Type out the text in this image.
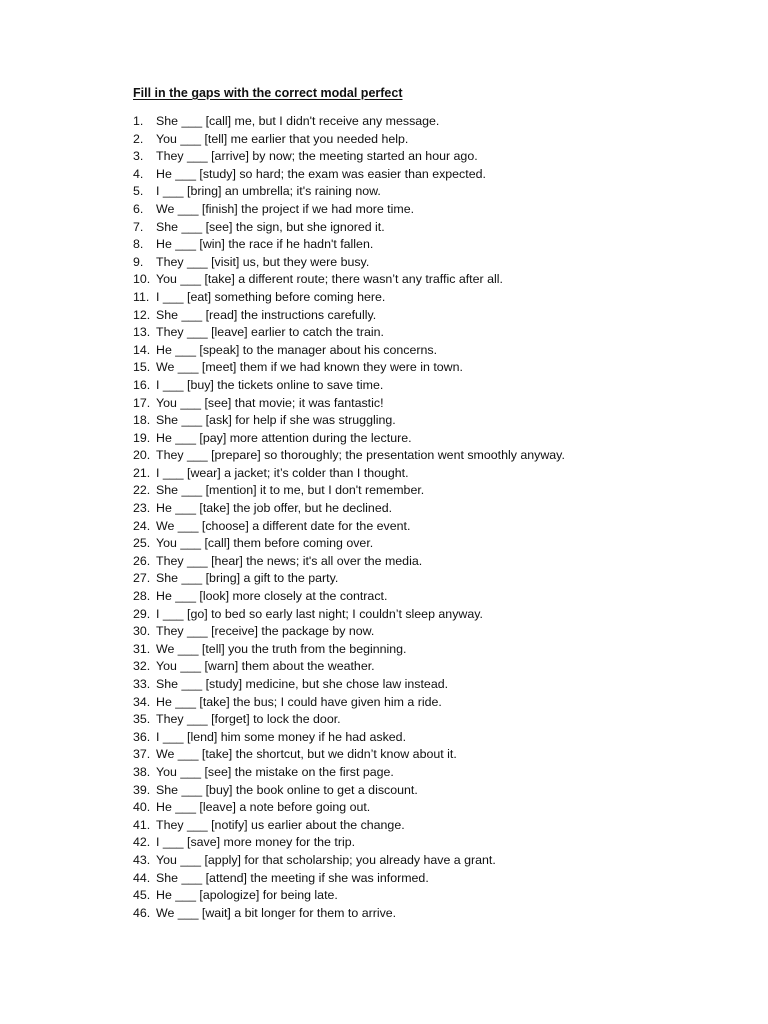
Fill in the gaps with the correct modal perfect
1.	She ___ [call] me, but I didn't receive any message.
2.	You ___ [tell] me earlier that you needed help.
3.	They ___ [arrive] by now; the meeting started an hour ago.
4.	He ___ [study] so hard; the exam was easier than expected.
5.	I ___ [bring] an umbrella; it's raining now.
6.	We ___ [finish] the project if we had more time.
7.	She ___ [see] the sign, but she ignored it.
8.	He ___ [win] the race if he hadn't fallen.
9.	They ___ [visit] us, but they were busy.
10. You ___ [take] a different route; there wasn’t any traffic after all.
11. I ___ [eat] something before coming here.
12. She ___ [read] the instructions carefully.
13. They ___ [leave] earlier to catch the train.
14. He ___ [speak] to the manager about his concerns.
15. We ___ [meet] them if we had known they were in town.
16. I ___ [buy] the tickets online to save time.
17. You ___ [see] that movie; it was fantastic!
18. She ___ [ask] for help if she was struggling.
19. He ___ [pay] more attention during the lecture.
20. They ___ [prepare] so thoroughly; the presentation went smoothly anyway.
21. I ___ [wear] a jacket; it’s colder than I thought.
22. She ___ [mention] it to me, but I don't remember.
23. He ___ [take] the job offer, but he declined.
24. We ___ [choose] a different date for the event.
25. You ___ [call] them before coming over.
26. They ___ [hear] the news; it's all over the media.
27. She ___ [bring] a gift to the party.
28. He ___ [look] more closely at the contract.
29. I ___ [go] to bed so early last night; I couldn’t sleep anyway.
30. They ___ [receive] the package by now.
31. We ___ [tell] you the truth from the beginning.
32. You ___ [warn] them about the weather.
33. She ___ [study] medicine, but she chose law instead.
34. He ___ [take] the bus; I could have given him a ride.
35. They ___ [forget] to lock the door.
36. I ___ [lend] him some money if he had asked.
37. We ___ [take] the shortcut, but we didn’t know about it.
38. You ___ [see] the mistake on the first page.
39. She ___ [buy] the book online to get a discount.
40. He ___ [leave] a note before going out.
41. They ___ [notify] us earlier about the change.
42. I ___ [save] more money for the trip.
43. You ___ [apply] for that scholarship; you already have a grant.
44. She ___ [attend] the meeting if she was informed.
45. He ___ [apologize] for being late.
46. We ___ [wait] a bit longer for them to arrive.
